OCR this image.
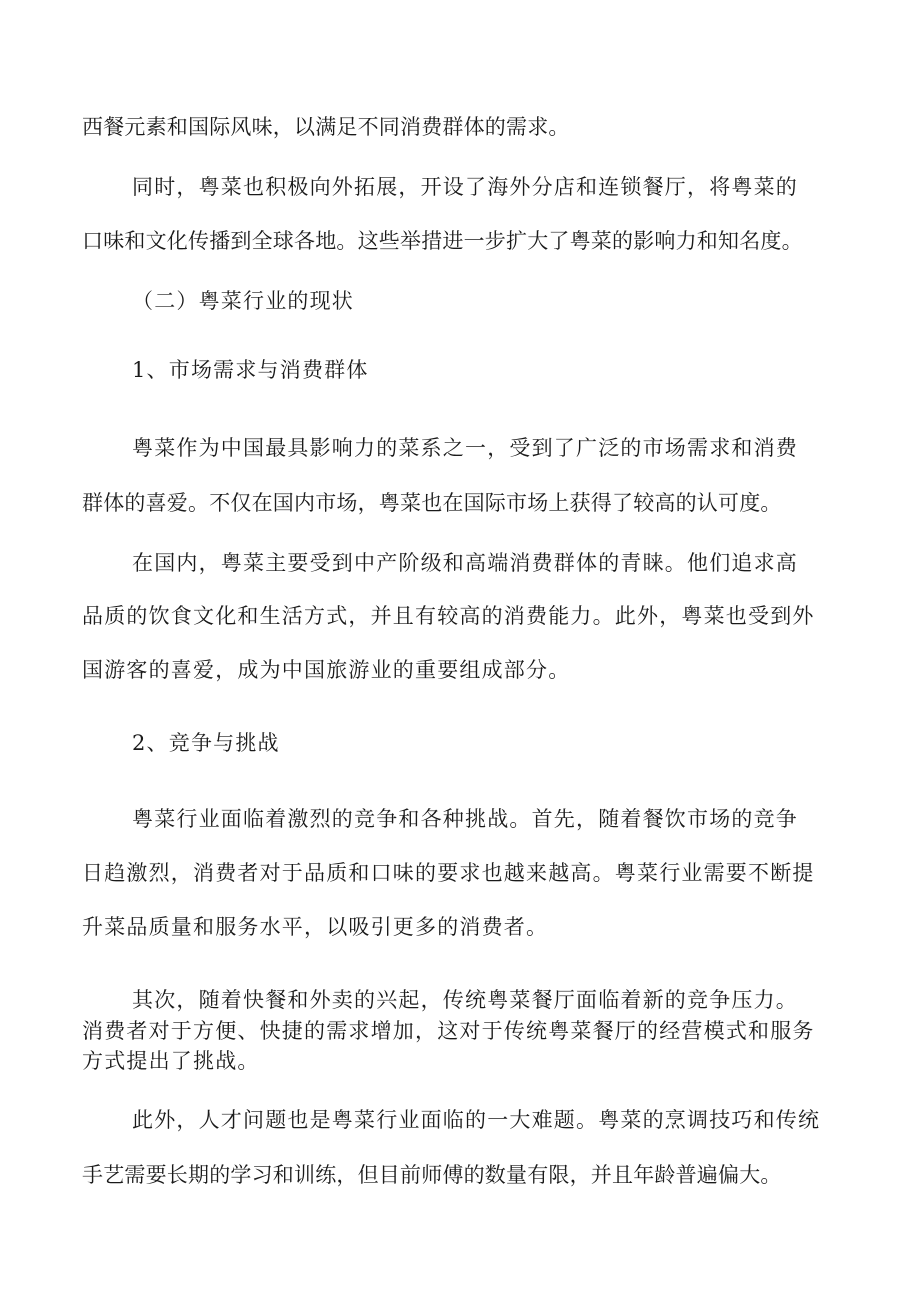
西餐元素和国际风味，以满足不同消费群体的需求。
同时，粤菜也积极向外拓展，开设了海外分店和连锁餐厅，将粤菜的
口味和文化传播到全球各地。这些举措进一步扩大了粤菜的影响力和知名度。
（二）粤菜行业的现状
1、市场需求与消费群体
粤菜作为中国最具影响力的菜系之一，受到了广泛的市场需求和消费
群体的喜爱。不仅在国内市场，粤菜也在国际市场上获得了较高的认可度。
在国内，粤菜主要受到中产阶级和高端消费群体的青睐。他们追求高
品质的饮食文化和生活方式，并且有较高的消费能力。此外，粤菜也受到外
国游客的喜爱，成为中国旅游业的重要组成部分。
2、竞争与挑战
粤菜行业面临着激烈的竞争和各种挑战。首先，随着餐饮市场的竞争
日趋激烈，消费者对于品质和口味的要求也越来越高。粤菜行业需要不断提
升菜品质量和服务水平，以吸引更多的消费者。
其次，随着快餐和外卖的兴起，传统粤菜餐厅面临着新的竞争压力。
消费者对于方便、快捷的需求增加，这对于传统粤菜餐厅的经营模式和服务
方式提出了挑战。
此外，人才问题也是粤菜行业面临的一大难题。粤菜的烹调技巧和传统
手艺需要长期的学习和训练，但目前师傅的数量有限，并且年龄普遍偏大。
